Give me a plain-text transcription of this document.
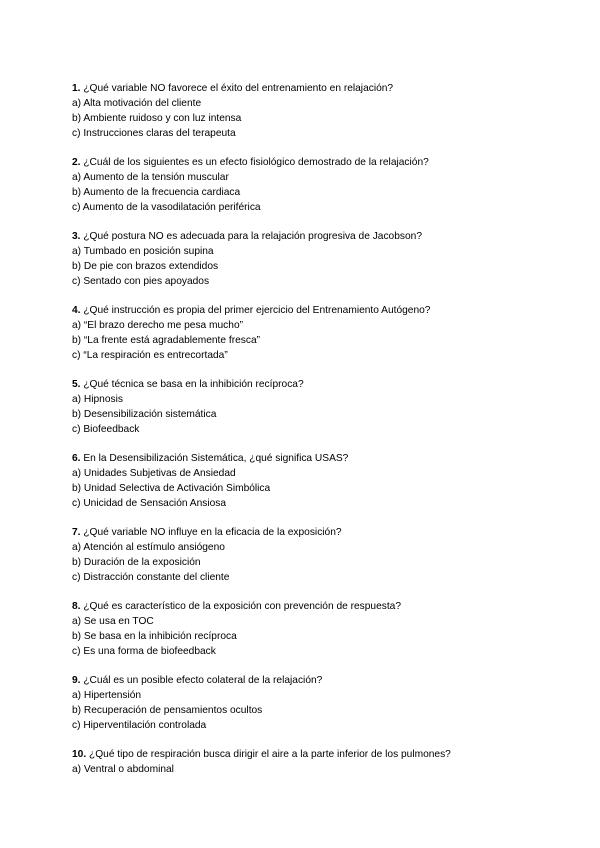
1. ¿Qué variable NO favorece el éxito del entrenamiento en relajación?
a) Alta motivación del cliente
b) Ambiente ruidoso y con luz intensa
c) Instrucciones claras del terapeuta
2. ¿Cuál de los siguientes es un efecto fisiológico demostrado de la relajación?
a) Aumento de la tensión muscular
b) Aumento de la frecuencia cardiaca
c) Aumento de la vasodilatación periférica
3. ¿Qué postura NO es adecuada para la relajación progresiva de Jacobson?
a) Tumbado en posición supina
b) De pie con brazos extendidos
c) Sentado con pies apoyados
4. ¿Qué instrucción es propia del primer ejercicio del Entrenamiento Autógeno?
a) “El brazo derecho me pesa mucho”
b) “La frente está agradablemente fresca”
c) “La respiración es entrecortada”
5. ¿Qué técnica se basa en la inhibición recíproca?
a) Hipnosis
b) Desensibilización sistemática
c) Biofeedback
6. En la Desensibilización Sistemática, ¿qué significa USAS?
a) Unidades Subjetivas de Ansiedad
b) Unidad Selectiva de Activación Simbólica
c) Unicidad de Sensación Ansiosa
7. ¿Qué variable NO influye en la eficacia de la exposición?
a) Atención al estímulo ansiógeno
b) Duración de la exposición
c) Distracción constante del cliente
8. ¿Qué es característico de la exposición con prevención de respuesta?
a) Se usa en TOC
b) Se basa en la inhibición recíproca
c) Es una forma de biofeedback
9. ¿Cuál es un posible efecto colateral de la relajación?
a) Hipertensión
b) Recuperación de pensamientos ocultos
c) Hiperventilación controlada
10. ¿Qué tipo de respiración busca dirigir el aire a la parte inferior de los pulmones?
a) Ventral o abdominal
